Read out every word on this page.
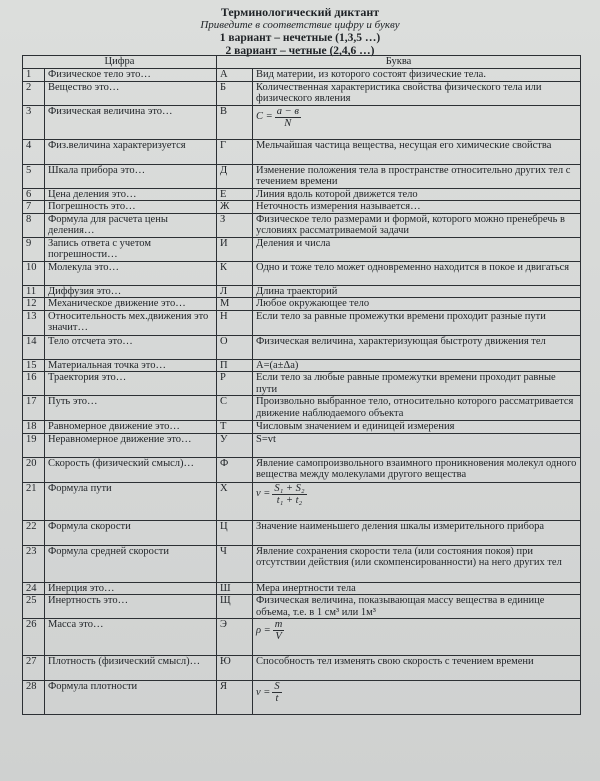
Терминологический диктант
Приведите в соответствие цифру и букву
1 вариант – нечетные (1,3,5 …)
2 вариант – четные (2,4,6 …)
Цифра		Буква	
1	Физическое тело это…	А	Вид материи, из которого состоят физические тела.
2	Вещество это…	Б	Количественная характеристика свойства физического тела или физического явления
3	Физическая величина это…	В	$C = \frac{a - в}{N}$

4	Физ.величина характеризуется	Г	Мельчайшая частица вещества, несущая его химические свойства
5	Шкала прибора это…	Д	Изменение положения тела в пространстве относительно других тел с течением времени
6	Цена деления это…	Е	Линия вдоль которой движется тело
7	Погрешность это…	Ж	Неточность измерения называется…
8	Формула для расчета цены деления…	З	Физическое тело размерами и формой, которого можно пренебречь в условиях рассматриваемой задачи
9	Запись ответа с учетом погрешности…	И	Деления и числа
10	Молекула это…	К	Одно и тоже тело может одновременно находится в покое и двигаться
11	Диффузия это…	Л	Длина траекторий
12	Механическое движение это…	М	Любое окружающее тело
13	Относительность мех.движения это значит…	Н	Если тело за равные промежутки времени проходит разные пути
14	Тело отсчета это…	О	Физическая величина, характеризующая быстроту движения тел
15	Материальная точка это…	П	А=(а±Δа)
16	Траектория это…	Р	Если тело за любые равные промежутки времени проходит равные пути
17	Путь это…	С	Произвольно выбранное тело, относительно которого рассматривается движение наблюдаемого объекта
18	Равномерное движение это…	Т	Числовым значением и единицей измерения
19	Неравномерное движение это…	У	S=vt
20	Скорость (физический смысл)…	Ф	Явление самопроизвольного взаимного проникновения молекул одного вещества между молекулами другого вещества
21	Формула пути	Х	$v = \frac{\text{S₁ + S₂}}{\text{t₁ + t₂}}$

22	Формула скорости	Ц	Значение наименьшего деления шкалы измерительного прибора
23	Формула средней скорости	Ч	Явление сохранения скорости тела (или состояния покоя) при отсутствии действия (или скомпенсированности) на него других тел
24	Инерция это…	Ш	Мера инертности тела
25	Инертность это…	Щ	Физическая величина, показывающая массу вещества в единице объема, т.е. в 1 см³ или 1м³
26	Масса это…	Э	$\rho = \frac{m}{V}$

27	Плотность (физический смысл)…	Ю	Способность тел изменять свою скорость с течением времени
28	Формула плотности	Я	$v = \frac{S}{t}$
